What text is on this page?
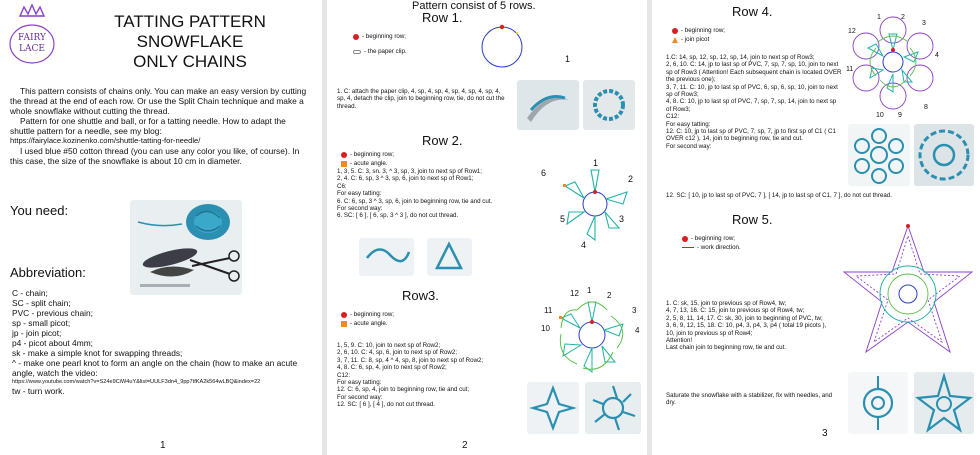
FAIRY
LACE
TATTING PATTERN
SNOWFLAKE
ONLY CHAINS

This pattern consists of chains only. You can make an easy version by cutting the thread at the end of each row. Or use the Split Chain technique and make a whole snowflake without cutting the thread.

Pattern for one shuttle and ball, or for a tatting needle. How to adapt the shuttle pattern for a needle, see my blog:

https://fairylace.kozinenko.com/shuttle-tatting-for-needle/

I used blue #50 cotton thread (you can use any color you like, of course). In this case, the size of the snowflake is about 10 cm in diameter.

You need:
Abbreviation:
C - chain;
SC - split chain;
PVC - previous chain;
sp - small picot;
jp - join picot;
p4 - picot about 4mm;
sk - make a simple knot for swapping threads;
^ - make one pearl knot to form an angle on the chain (how to make an acute angle, watch the video:
https://www.youtube.com/watch?v=S24e9CiW4uY&list=UULF3dn4_9pp7tfKA2k564wLBQ&index=22
tw - turn work.
1
Pattern consist of 5 rows.
Row 1.
- beginning row;
- the paper clip.
1
1. C: attach the paper clip, 4, sp, 4, sp, 4, sp, 4, sp, 4, sp, 4, sp, 4, detach the clip, join to beginning row, tie, do not cut the thread.
Row 2.
- beginning row;
- acute angle.
1, 3, 5. C: 3, sn. 3, ^ 3, sp, 3, join to next sp of Row1;
2, 4. C: 6, sp, 3 ^ 3, sp, 6, join to next sp of Row1;
C6:
For easy tatting:
6. C: 6, sp, 3 ^ 3, sp, 6, join to beginning row, tie and cut.
For second way:
6. SC: [ 6 ], [ 6, sp, 3 ^ 3 ], do not cut thread.
1
2
3
4
5
6
Row3.
- beginning row;
- acute angle.
1, 5, 9. C: 10, join to next sp of Row2;
2, 6, 10. C: 4, sp, 6, join to next sp of Row2;
3, 7, 11. C: 8, sp, 4 ^ 4, sp, 8, join to next sp of Row2;
4, 8. C: 6, sp, 4, join to next sp of Row2;
C12:
For easy tatting:
12. C: 6, sp, 4, join to beginning row, tie and cut;
For second way:
12. SC: [ 6 ], [ 4 ], do not cut thread.
12 1
2
3
11
10	4
2
Row 4.
- beginning row;
- join picot
1.C: 14, sp, 12, sp, 12, sp, 14, join to next sp of Row3;
2, 6, 10. C: 14, jp to last sp of PVC, 7, sp, 7, sp, 10, join to next sp of Row3 ( Attention! Each subsequent chain is located OVER the previous one);
3, 7, 11. C: 10, jp to last sp of PVC, 6, sp, 6, sp, 10, join to next sp of Row3;
4, 8. C: 10, jp to last sp of PVC, 7, sp, 7, sp, 14, join to next sp of Row3;
C12:
For easy tatting:
12. C: 10, jp to last sp of PVC, 7, sp, 7, jp to first sp of C1 ( C1 OVER c12 ), 14, join to beginning row, tie and cut.
For second way:
12. SC: [ 10, jp to last sp of PVC, 7 ], [ 14, jp to last sp of C1, 7 ], do not cut thread.
1	2
3
4
12
11
10 9
8
Row 5.
- beginning row;
- work direction.
1. C: sk, 15, join to previous sp of Row4, tw;
4, 7, 13, 16. C: 15, join to previous sp of Row4, tw;
2, 5, 8, 11, 14, 17. C: sk, 30, join to beginning of PVC, tw;
3, 6, 9, 12, 15, 18. C: 10, p4, 3, p4, 3, p4 ( total 19 picots ), 10, join to previous sp of Row4;
Attention!
Last chain join to beginning row, tie and cut.
Saturate the snowflake with a stabilizer, fix with needles, and dry.
3
